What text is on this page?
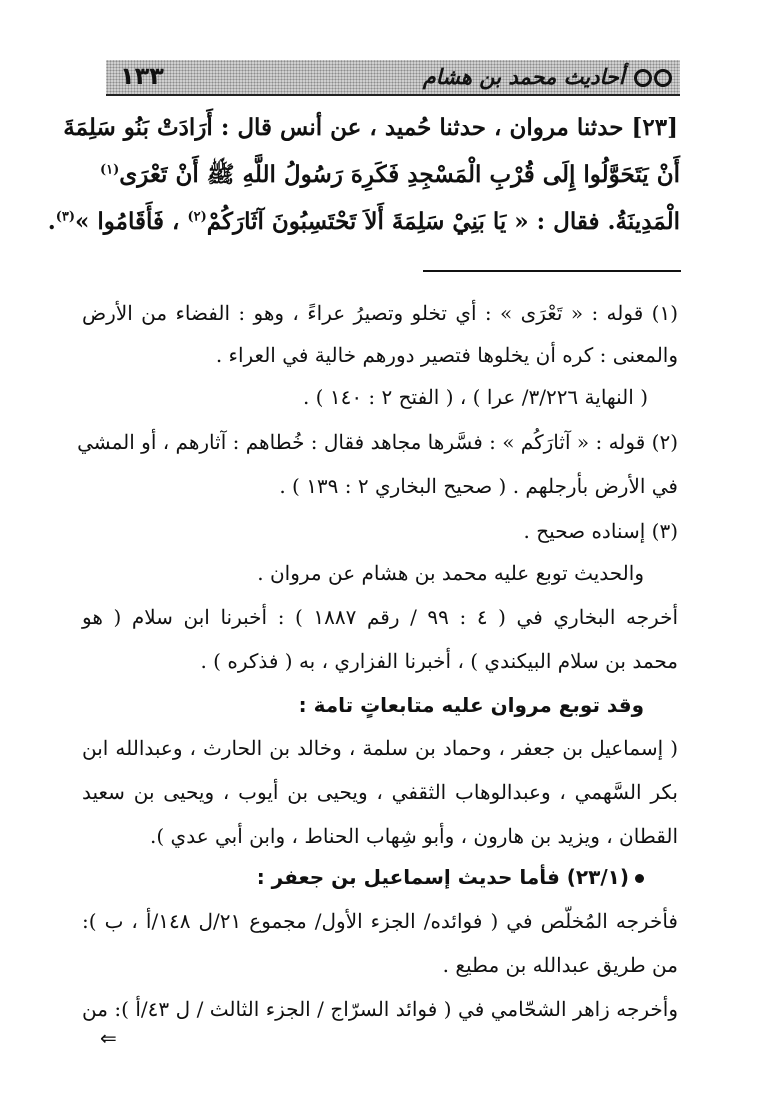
أحاديث محمد بن هشام
١٣٣
[٢٣] حدثنا مروان ، حدثنا حُميد ، عن أنس قال : أَرَادَتْ بَنُو سَلِمَةَ
أَنْ يَتَحَوَّلُوا إِلَى قُرْبِ الْمَسْجِدِ فَكَرِهَ رَسُولُ اللَّهِ ﷺ أَنْ تَعْرَى$^{(١)}$
الْمَدِينَةُ. فقال : « يَا بَنِيْ سَلِمَةَ أَلاَ تَحْتَسِبُونَ آثَارَكُمْ$^{(٢)}$ ، فَأَقَامُوا »$^{(٣)}$.
(١) قوله : « تَعْرَى » : أي تخلو وتصيرُ عراءً ، وهو : الفضاء من الأرض
والمعنى : كره أن يخلوها فتصير دورهم خالية في العراء .
( النهاية ٣/٢٢٦/ عرا ) ، ( الفتح ٢ : ١٤٠ ) .
(٢) قوله : « آثارَكُم » : فسَّرها مجاهد فقال : خُطاهم : آثارهم ، أو المشي
في الأرض بأرجلهم . ( صحيح البخاري ٢ : ١٣٩ ) .
(٣) إسناده صحيح .
والحديث توبع عليه محمد بن هشام عن مروان .
أخرجه البخاري في ( ٤ : ٩٩ / رقم ١٨٨٧ ) : أخبرنا ابن سلام ( هو
محمد بن سلام البيكندي ) ، أخبرنا الفزاري ، به ( فذكره ) .
وقد توبع مروان عليه متابعاتٍ تامة :
( إسماعيل بن جعفر ، وحماد بن سلمة ، وخالد بن الحارث ، وعبدالله ابن
بكر السَّهمي ، وعبدالوهاب الثقفي ، ويحيى بن أيوب ، ويحيى بن سعيد
القطان ، ويزيد بن هارون ، وأبو شِهاب الحناط ، وابن أبي عدي ).
(٢٣/١) فأما حديث إسماعيل بن جعفر :
فأخرجه المُخلّص في ( فوائده/ الجزء الأول/ مجموع ٢١/ل ١٤٨/أ ، ب ):
من طريق عبدالله بن مطيع .
وأخرجه زاهر الشحّامي في ( فوائد السرّاج / الجزء الثالث / ل ٤٣/أ ): من
⇐
